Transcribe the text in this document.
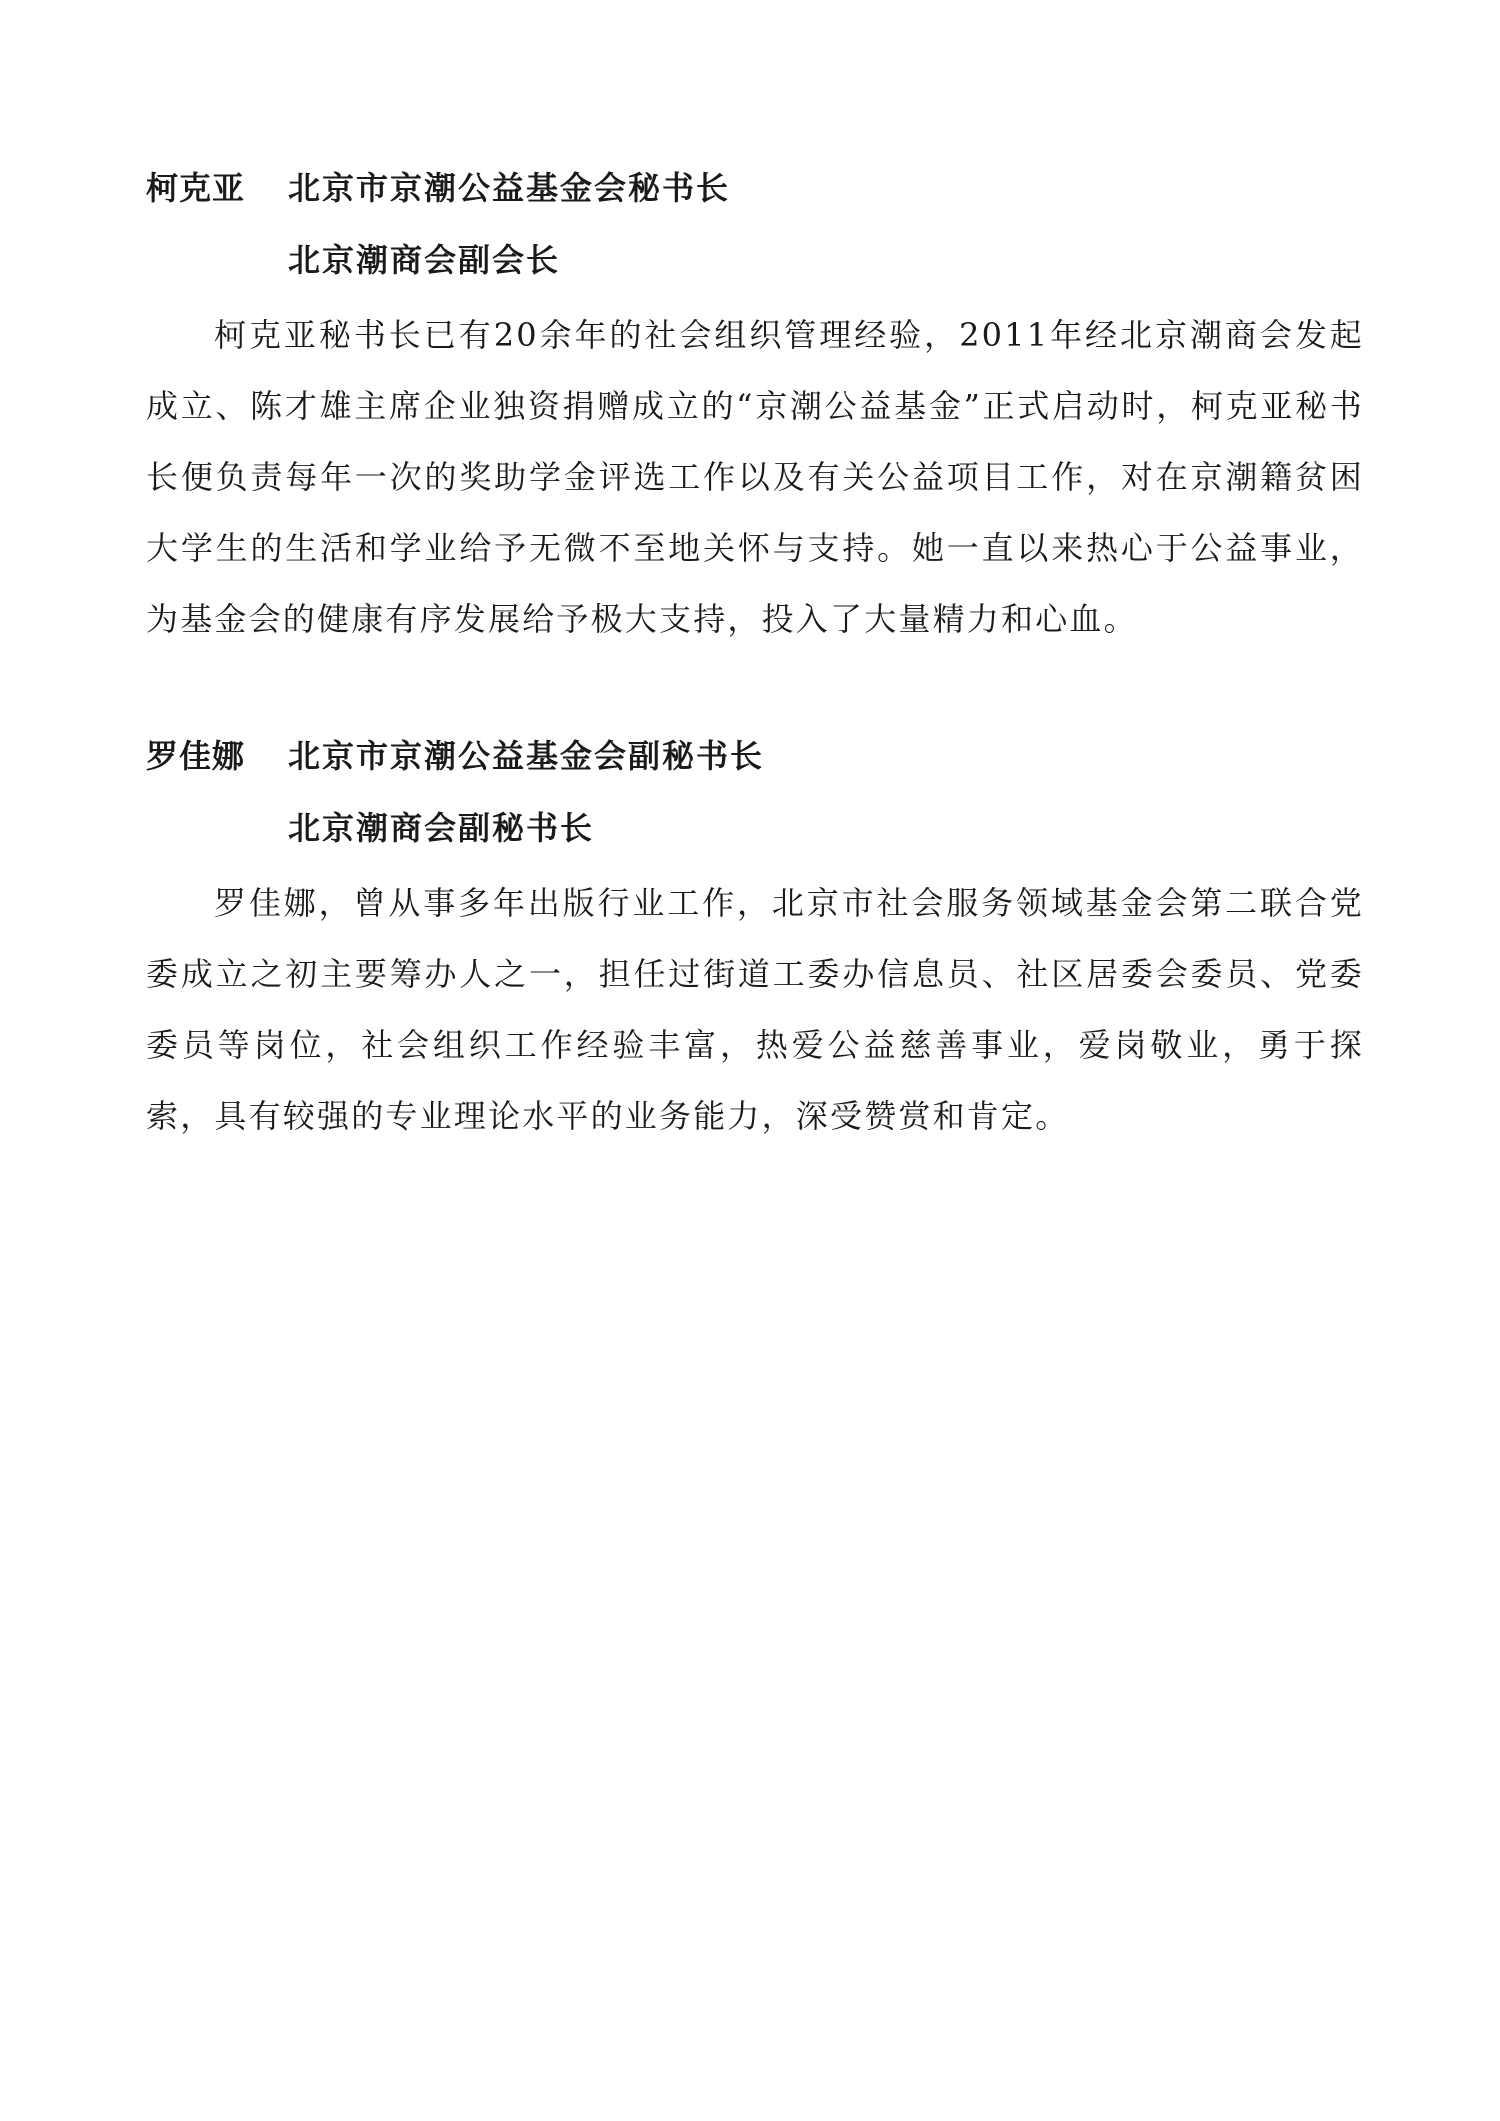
柯克亚	北京市京潮公益基金会秘书长
北京潮商会副会长

柯克亚秘书长已有20余年的社会组织管理经验，2011年经北京潮商会发起成立、陈才雄主席企业独资捐赠成立的“京潮公益基金”正式启动时，柯克亚秘书长便负责每年一次的奖助学金评选工作以及有关公益项目工作，对在京潮籍贫困大学生的生活和学业给予无微不至地关怀与支持。她一直以来热心于公益事业，为基金会的健康有序发展给予极大支持，投入了大量精力和心血。

罗佳娜	北京市京潮公益基金会副秘书长
北京潮商会副秘书长

罗佳娜，曾从事多年出版行业工作，北京市社会服务领域基金会第二联合党委成立之初主要筹办人之一，担任过街道工委办信息员、社区居委会委员、党委委员等岗位，社会组织工作经验丰富，热爱公益慈善事业，爱岗敬业，勇于探索，具有较强的专业理论水平的业务能力，深受赞赏和肯定。
